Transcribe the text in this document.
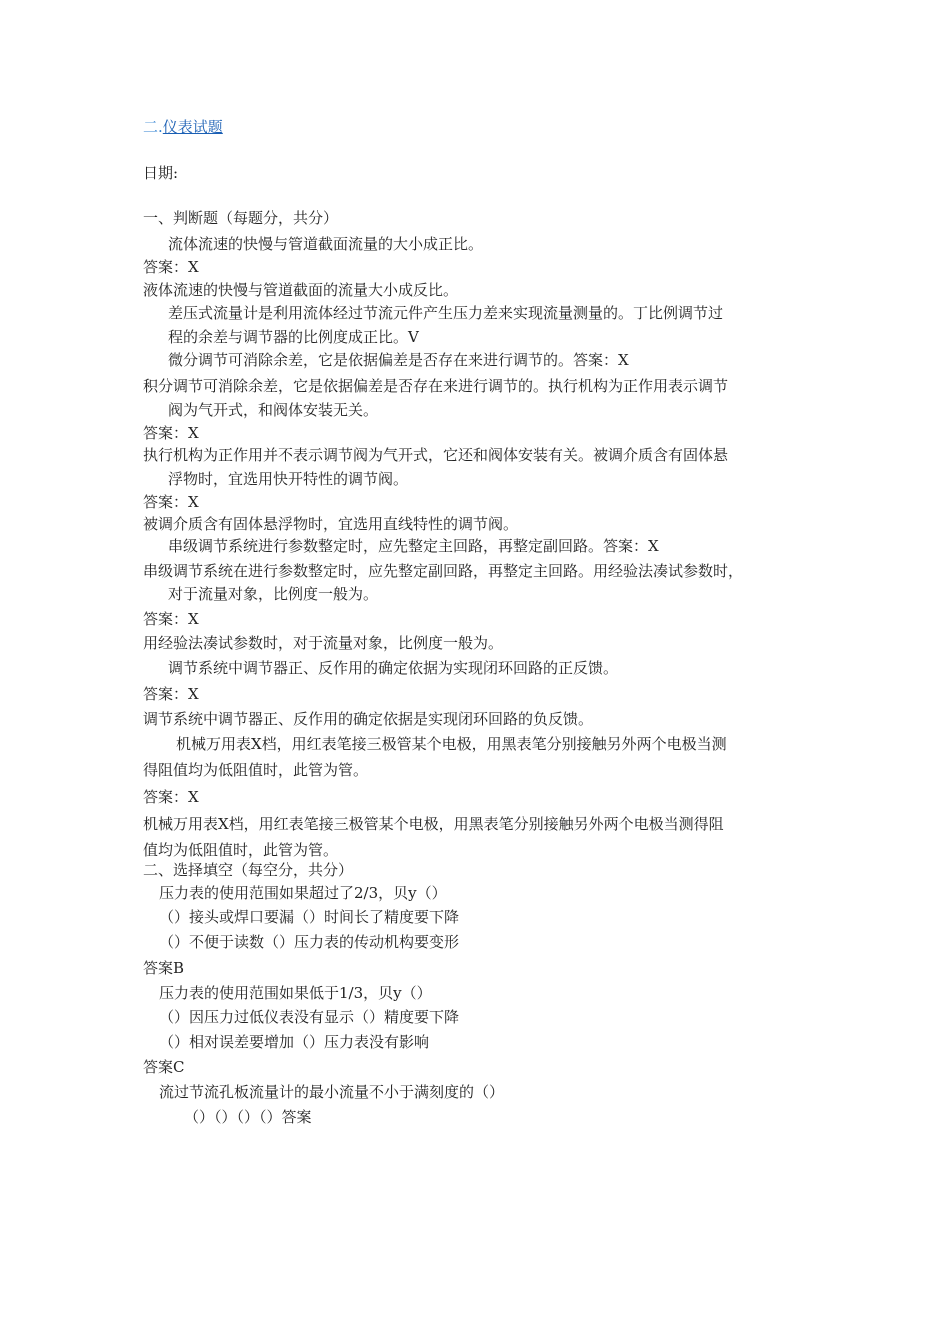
二.仪表试题
日期:
一、判断题（每题分，共分）
流体流速的快慢与管道截面流量的大小成正比。
答案：X
液体流速的快慢与管道截面的流量大小成反比。
差压式流量计是利用流体经过节流元件产生压力差来实现流量测量的。丁比例调节过
程的余差与调节器的比例度成正比。V
微分调节可消除余差，它是依据偏差是否存在来进行调节的。答案：X
积分调节可消除余差，它是依据偏差是否存在来进行调节的。执行机构为正作用表示调节
阀为气开式，和阀体安装无关。
答案：X
执行机构为正作用并不表示调节阀为气开式，它还和阀体安装有关。被调介质含有固体悬
浮物时，宜选用快开特性的调节阀。
答案：X
被调介质含有固体悬浮物时，宜选用直线特性的调节阀。
串级调节系统进行参数整定时，应先整定主回路，再整定副回路。答案：X
串级调节系统在进行参数整定时，应先整定副回路，再整定主回路。用经验法凑试参数时，
对于流量对象，比例度一般为。
答案：X
用经验法凑试参数时，对于流量对象，比例度一般为。
调节系统中调节器正、反作用的确定依据为实现闭环回路的正反馈。
答案：X
调节系统中调节器正、反作用的确定依据是实现闭环回路的负反馈。
机械万用表X档，用红表笔接三极管某个电极，用黑表笔分别接触另外两个电极当测
得阻值均为低阻值时，此管为管。
答案：X
机械万用表X档，用红表笔接三极管某个电极，用黑表笔分别接触另外两个电极当测得阻
值均为低阻值时，此管为管。
二、选择填空（每空分，共分）
压力表的使用范围如果超过了2/3，贝y（）
（）接头或焊口要漏（）时间长了精度要下降
（）不便于读数（）压力表的传动机构要变形
答案B
压力表的使用范围如果低于1/3，贝y（）
（）因压力过低仪表没有显示（）精度要下降
（）相对误差要增加（）压力表没有影响
答案C
流过节流孔板流量计的最小流量不小于满刻度的（）
（）（）（）（）答案
